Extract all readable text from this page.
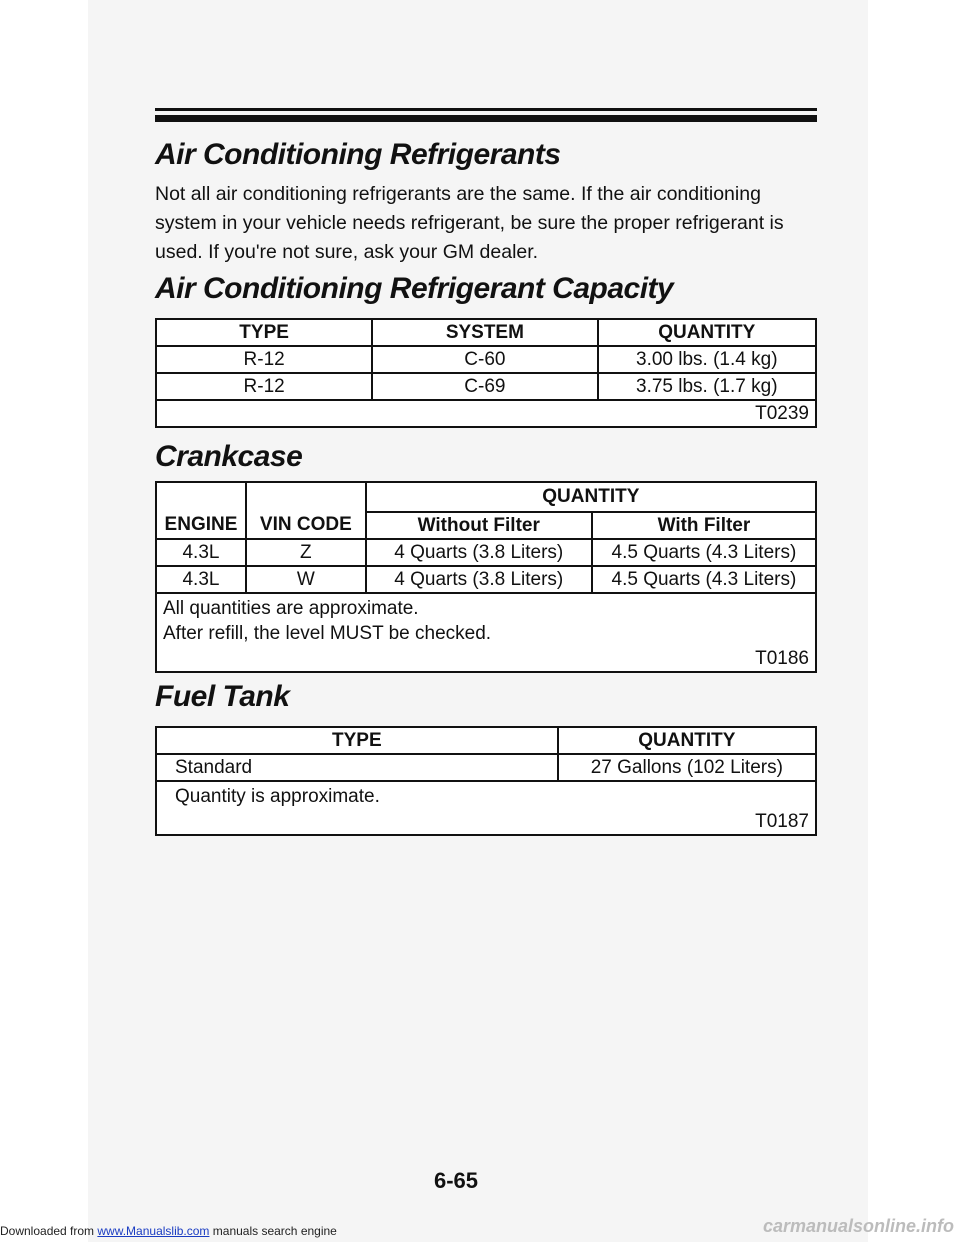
Air Conditioning Refrigerants

Not all air conditioning refrigerants are the same. If the air conditioning system in your vehicle needs refrigerant, be sure the proper refrigerant is used. If you're not sure, ask your GM dealer.

Air Conditioning Refrigerant Capacity
TYPE	SYSTEM	QUANTITY
R-12	C-60	3.00 lbs. (1.4 kg)
R-12	C-69	3.75 lbs. (1.7 kg)
T0239		
Crankcase
ENGINE	VIN CODE	QUANTITY	
		Without Filter	With Filter
4.3L	Z	4 Quarts (3.8 Liters)	4.5 Quarts (4.3 Liters)
4.3L	W	4 Quarts (3.8 Liters)	4.5 Quarts (4.3 Liters)

All quantities are approximate.
After refill, the level MUST be checked.
T0186			
Fuel Tank
TYPE	QUANTITY
Standard	27 Gallons (102 Liters)

Quantity is approximate.
T0187	
6-65
Downloaded from www.Manualslib.com manuals search engine	carmanualsonline.info
